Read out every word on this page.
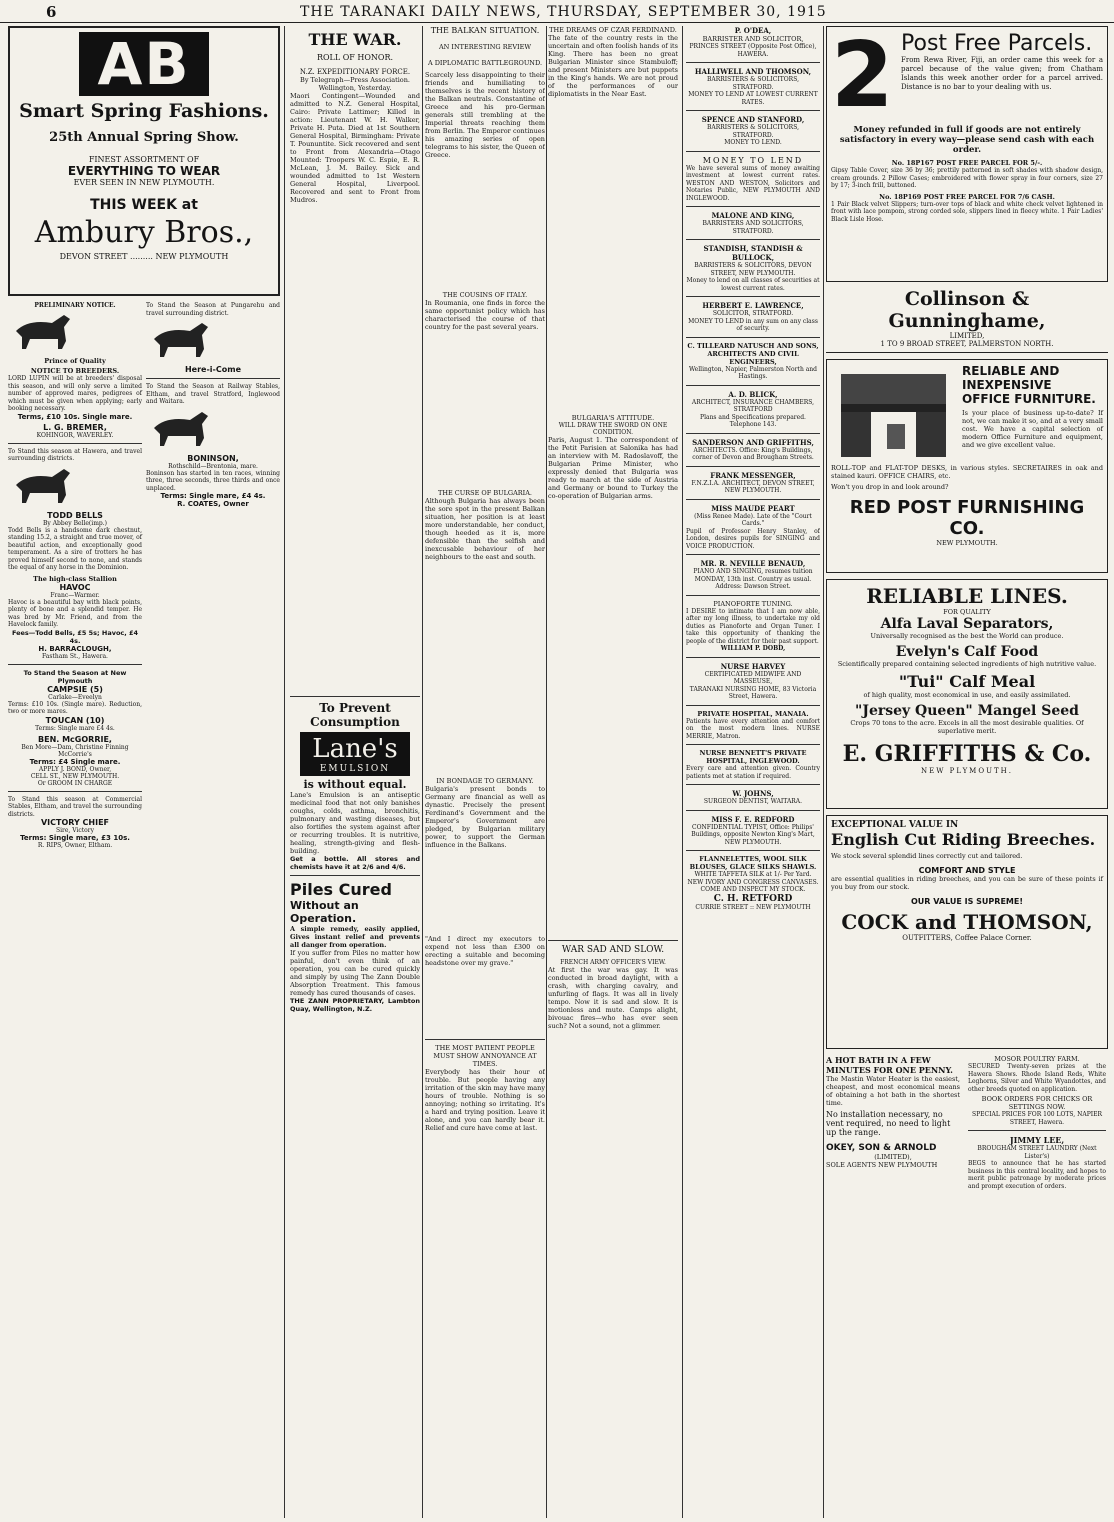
6	THE TARANAKI DAILY NEWS, THURSDAY, SEPTEMBER 30, 1915
AB
Smart Spring Fashions.
25th Annual Spring Show.
FINEST ASSORTMENT OF
EVERYTHING TO WEAR
EVER SEEN IN NEW PLYMOUTH.
THIS WEEK at
Ambury Bros.,
DEVON STREET ......... NEW PLYMOUTH
PRELIMINARY NOTICE.
Prince of Quality
NOTICE TO BREEDERS.
LORD LUPIN will be at breeders' disposal this season, and will only serve a limited number of approved mares, pedigrees of which must be given when applying; early booking necessary.
Terms, £10 10s. Single mare.
L. G. BREMER,
KOHINGOR, WAVERLEY.
To Stand this season at Hawera, and travel surrounding districts.
TODD BELLS
By Abbey Belle(imp.)
Todd Bells is a handsome dark chestnut, standing 15.2, a straight and true mover, of beautiful action, and exceptionally good temperament. As a sire of trotters he has proved himself second to none, and stands the equal of any horse in the Dominion.
The high-class Stallion
HAVOC
Franc—Warmer.
Havoc is a beautiful bay with black points, plenty of bone and a splendid temper. He was bred by Mr. Friend, and from the Havelock family.
Fees—Todd Bells, £5 5s; Havoc, £4 4s.
H. BARRACLOUGH,
Fastham St., Hawera.
To Stand the Season at New Plymouth
CAMPSIE (5)
Carlake—Eveelyn
Terms: £10 10s. (Single mare). Reduction, two or more mares.
TOUCAN (10)
Terms: Single mare £4 4s.
BEN. McGORRIE,
Ben More—Dam, Christine Finning McCorrie's
Terms: £4 Single mare.
APPLY J. BOND, Owner,
CELL ST., NEW PLYMOUTH.
Or GROOM IN CHARGE
To Stand this season at Commercial Stables, Eltham, and travel the surrounding districts.
VICTORY CHIEF
Sire, Victory
Terms: Single mare, £3 10s.
R. RIPS, Owner, Eltham.
To Stand the Season at Pungarehu and travel surrounding district.
Here-i-Come
To Stand the Season at Railway Stables, Eltham, and travel Stratford, Inglewood and Waitara.
BONINSON,
Rothschild—Brentonia, mare.
Boninson has started in ten races, winning three, three seconds, three thirds and once unplaced.
Terms: Single mare, £4 4s.
R. COATES, Owner
THE WAR.
ROLL OF HONOR.
N.Z. EXPEDITIONARY FORCE.
By Telegraph—Press Association. Wellington, Yesterday.
Maori Contingent—Wounded and admitted to N.Z. General Hospital, Cairo: Private Lattimer; Killed in action: Lieutenant W. H. Walker, Private H. Puta. Died at 1st Southern General Hospital, Birmingham: Private T. Poununtite. Sick recovered and sent to Front from Alexandria—Otago Mounted: Troopers W. C. Espie, E. R. McLean, J. M. Bailey. Sick and wounded admitted to 1st Western General Hospital, Liverpool. Recovered and sent to Front from Mudros.
To Prevent Consumption
Lane's
EMULSION
is without equal.
Lane's Emulsion is an antiseptic medicinal food that not only banishes coughs, colds, asthma, bronchitis, pulmonary and wasting diseases, but also fortifies the system against after or recurring troubles. It is nutritive, healing, strength-giving and flesh-building.
Get a bottle. All stores and chemists have it at 2/6 and 4/6.
Piles Cured
Without an Operation.
A simple remedy, easily applied, Gives instant relief and prevents all danger from operation.
If you suffer from Piles no matter how painful, don't even think of an operation, you can be cured quickly and simply by using The Zann Double Absorption Treatment. This famous remedy has cured thousands of cases.
THE ZANN PROPRIETARY, Lambton Quay, Wellington, N.Z.
THE BALKAN SITUATION.
AN INTERESTING REVIEW
A DIPLOMATIC BATTLEGROUND.
Scarcely less disappointing to their friends and humiliating to themselves is the recent history of the Balkan neutrals. Constantine of Greece and his pro-German generals still trembling at the Imperial threats reaching them from Berlin. The Emperor continues his amazing series of open telegrams to his sister, the Queen of Greece.
THE COUSINS OF ITALY.
In Roumania, one finds in force the same opportunist policy which has characterised the course of that country for the past several years.
THE CURSE OF BULGARIA.
Although Bulgaria has always been the sore spot in the present Balkan situation, her position is at least more understandable, her conduct, though heeded as it is, more defensible than the selfish and inexcusable behaviour of her neighbours to the east and south.
IN BONDAGE TO GERMANY.
Bulgaria's present bonds to Germany are financial as well as dynastic. Precisely the present Ferdinand's Government and the Emperor's Government are pledged, by Bulgarian military power, to support the German influence in the Balkans.
"And I direct my executors to expend not less than £300 on erecting a suitable and becoming headstone over my grave."
THE MOST PATIENT PEOPLE MUST SHOW ANNOYANCE AT TIMES.
Everybody has their hour of trouble. But people having any irritation of the skin may have many hours of trouble. Nothing is so annoying; nothing so irritating. It's a hard and trying position. Leave it alone, and you can hardly bear it. Relief and cure have come at last.
THE DREAMS OF CZAR FERDINAND.
The fate of the country rests in the uncertain and often foolish hands of its King. There has been no great Bulgarian Minister since Stambuloff; and present Ministers are but puppets in the King's hands. We are not proud of the performances of our diplomatists in the Near East.
BULGARIA'S ATTITUDE.
WILL DRAW THE SWORD ON ONE CONDITION.
Paris, August 1. The correspondent of the Petit Parisien at Salonika has had an interview with M. Radoslavoff, the Bulgarian Prime Minister, who expressly denied that Bulgaria was ready to march at the side of Austria and Germany or bound to Turkey the co-operation of Bulgarian arms.
WAR SAD AND SLOW.
FRENCH ARMY OFFICER'S VIEW.
At first the war was gay. It was conducted in broad daylight, with a crash, with charging cavalry, and unfurling of flags. It was all in lively tempo. Now it is sad and slow. It is motionless and mute. Camps alight, bivouac fires—who has ever seen such? Not a sound, not a glimmer.
P. O'DEA,
BARRISTER AND SOLICITOR,
PRINCES STREET (Opposite Post Office), HAWERA.
HALLIWELL AND THOMSON,
BARRISTERS & SOLICITORS, STRATFORD.
MONEY TO LEND AT LOWEST CURRENT RATES.
SPENCE AND STANFORD,
BARRISTERS & SOLICITORS, STRATFORD.
MONEY TO LEND.
MONEY TO LEND
We have several sums of money awaiting investment at lowest current rates. WESTON AND WESTON, Solicitors and Notaries Public, NEW PLYMOUTH AND INGLEWOOD.
MALONE AND KING,
BARRISTERS AND SOLICITORS, STRATFORD.
STANDISH, STANDISH & BULLOCK,
BARRISTERS & SOLICITORS, DEVON STREET, NEW PLYMOUTH.
Money to lend on all classes of securities at lowest current rates.
HERBERT E. LAWRENCE,
SOLICITOR, STRATFORD.
MONEY TO LEND in any sum on any class of security.
C. TILLEARD NATUSCH AND SONS, ARCHITECTS AND CIVIL ENGINEERS,
Wellington, Napier, Palmerston North and Hastings.
A. D. BLICK,
ARCHITECT, INSURANCE CHAMBERS, STRATFORD
Plans and Specifications prepared. Telephone 143.
SANDERSON AND GRIFFITHS,
ARCHITECTS. Office: King's Buildings, corner of Devon and Brougham Streets.
FRANK MESSENGER,
F.N.Z.I.A. ARCHITECT, DEVON STREET, NEW PLYMOUTH.
MISS MAUDE PEART
(Miss Renee Made). Late of the "Court Cards."
Pupil of Professor Henry Stanley, of London, desires pupils for SINGING and VOICE PRODUCTION.
MR. R. NEVILLE BENAUD,
PIANO AND SINGING, resumes tuition MONDAY, 13th inst. Country as usual.
Address: Dawson Street.
PIANOFORTE TUNING.
I DESIRE to intimate that I am now able, after my long illness, to undertake my old duties as Pianoforte and Organ Tuner. I take this opportunity of thanking the people of the district for their past support.
WILLIAM P. DOBD,
NURSE HARVEY
CERTIFICATED MIDWIFE AND MASSEUSE,
TARANAKI NURSING HOME, 83 Victoria Street, Hawera.
PRIVATE HOSPITAL, MANAIA.
Patients have every attention and comfort on the most modern lines. NURSE MERRIE, Matron.
NURSE BENNETT'S PRIVATE HOSPITAL, INGLEWOOD.
Every care and attention given. Country patients met at station if required.
W. JOHNS,
SURGEON DENTIST, WAITARA.
MISS F. E. REDFORD
CONFIDENTIAL TYPIST, Office: Philips' Buildings, opposite Newton King's Mart, NEW PLYMOUTH.
FLANNELETTES, WOOL SILK BLOUSES, GLACE SILKS SHAWLS.
WHITE TAFFETA SILK at 1/- Per Yard. NEW IVORY AND CONGRESS CANVASES. COME AND INSPECT MY STOCK.
C. H. RETFORD
CURRIE STREET :: NEW PLYMOUTH
2 Post Free Parcels.
From Rewa River, Fiji, an order came this week for a parcel because of the value given; from Chatham Islands this week another order for a parcel arrived. Distance is no bar to your dealing with us.
Money refunded in full if goods are not entirely satisfactory in every way—please send cash with each order.
No. 18P167 POST FREE PARCEL FOR 5/-.
Gipsy Table Cover, size 36 by 36; prettily patterned in soft shades with shadow design, cream grounds. 2 Pillow Cases; embroidered with flower spray in four corners, size 27 by 17; 3-inch frill, buttoned.
No. 18P169 POST FREE PARCEL FOR 7/6 CASH.
1 Pair Black velvet Slippers; turn-over tops of black and white check velvet lightened in front with lace pompom, strong corded sole, slippers lined in fleecy white. 1 Pair Ladies' Black Lisle Hose.
Collinson & Gunninghame,
LIMITED,
1 TO 9 BROAD STREET, PALMERSTON NORTH.
RELIABLE AND INEXPENSIVE OFFICE FURNITURE.
Is your place of business up-to-date? If not, we can make it so, and at a very small cost. We have a capital selection of modern Office Furniture and equipment, and we give excellent value.
ROLL-TOP and FLAT-TOP DESKS, in various styles. SECRETAIRES in oak and stained kauri. OFFICE CHAIRS, etc.
Won't you drop in and look around?
RED POST FURNISHING CO.
NEW PLYMOUTH.
RELIABLE LINES.
FOR QUALITY
Alfa Laval Separators,
Universally recognised as the best the World can produce.
Evelyn's Calf Food
Scientifically prepared containing selected ingredients of high nutritive value.
"Tui" Calf Meal
of high quality, most economical in use, and easily assimilated.
"Jersey Queen" Mangel Seed
Crops 70 tons to the acre. Excels in all the most desirable qualities. Of superlative merit.
E. GRIFFITHS & Co.
NEW PLYMOUTH.
EXCEPTIONAL VALUE IN
English Cut Riding Breeches.
We stock several splendid lines correctly cut and tailored.
COMFORT AND STYLE
are essential qualities in riding breeches, and you can be sure of these points if you buy from our stock.
OUR VALUE IS SUPREME!
COCK and THOMSON,
OUTFITTERS, Coffee Palace Corner.
A HOT BATH IN A FEW MINUTES FOR ONE PENNY.
The Mastin Water Heater is the easiest, cheapest, and most economical means of obtaining a hot bath in the shortest time.
No installation necessary, no vent required, no need to light up the range.
OKEY, SON & ARNOLD
(LIMITED),
SOLE AGENTS NEW PLYMOUTH
MOSOR POULTRY FARM.
SECURED Twenty-seven prizes at the Hawera Shows. Rhode Island Reds, White Leghorns, Silver and White Wyandottes, and other breeds quoted on application.
BOOK ORDERS FOR CHICKS OR SETTINGS NOW.
SPECIAL PRICES FOR 100 LOTS, NAPIER STREET, Hawera.
JIMMY LEE,
BROUGHAM STREET LAUNDRY (Next Lister's)
BEGS to announce that he has started business in this central locality, and hopes to merit public patronage by moderate prices and prompt execution of orders.
